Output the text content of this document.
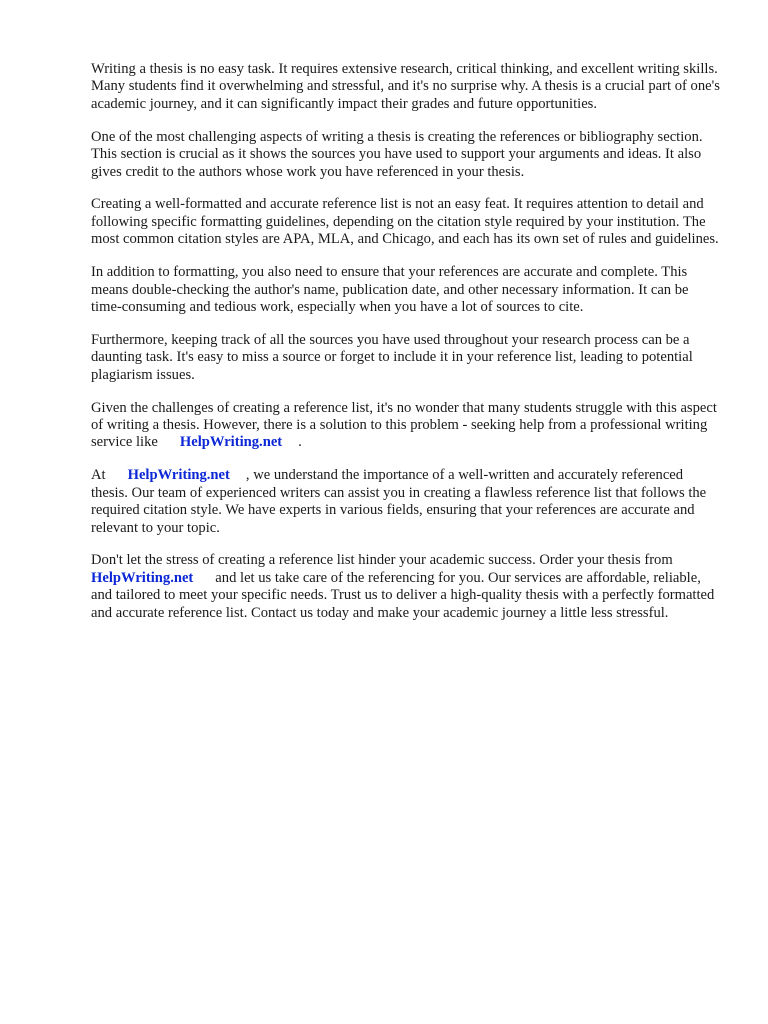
Writing a thesis is no easy task. It requires extensive research, critical thinking, and excellent writing skills. Many students find it overwhelming and stressful, and it's no surprise why. A thesis is a crucial part of one's academic journey, and it can significantly impact their grades and future opportunities.

One of the most challenging aspects of writing a thesis is creating the references or bibliography section. This section is crucial as it shows the sources you have used to support your arguments and ideas. It also gives credit to the authors whose work you have referenced in your thesis.

Creating a well-formatted and accurate reference list is not an easy feat. It requires attention to detail and following specific formatting guidelines, depending on the citation style required by your institution. The most common citation styles are APA, MLA, and Chicago, and each has its own set of rules and guidelines.

In addition to formatting, you also need to ensure that your references are accurate and complete. This means double-checking the author's name, publication date, and other necessary information. It can be time-consuming and tedious work, especially when you have a lot of sources to cite.

Furthermore, keeping track of all the sources you have used throughout your research process can be a daunting task. It's easy to miss a source or forget to include it in your reference list, leading to potential plagiarism issues.

Given the challenges of creating a reference list, it's no wonder that many students struggle with this aspect of writing a thesis. However, there is a solution to this problem - seeking help from a professional writing service like HelpWriting.net .

At HelpWriting.net , we understand the importance of a well-written and accurately referenced thesis. Our team of experienced writers can assist you in creating a flawless reference list that follows the required citation style. We have experts in various fields, ensuring that your references are accurate and relevant to your topic.

Don't let the stress of creating a reference list hinder your academic success. Order your thesis from HelpWriting.net and let us take care of the referencing for you. Our services are affordable, reliable, and tailored to meet your specific needs. Trust us to deliver a high-quality thesis with a perfectly formatted and accurate reference list. Contact us today and make your academic journey a little less stressful.
